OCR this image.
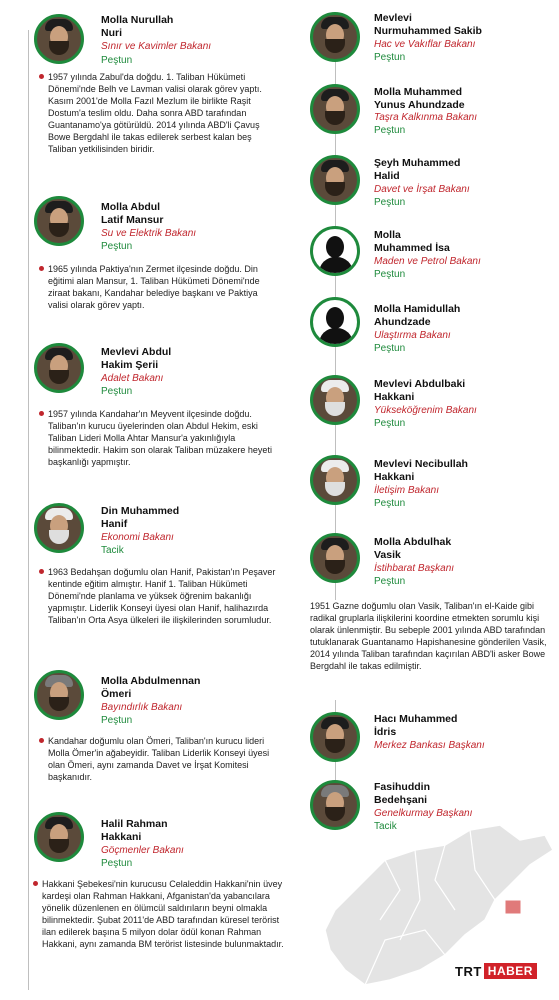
Molla Nurullah
Nuri
Sınır ve Kavimler Bakanı
Peştun
1957 yılında Zabul'da doğdu. 1. Taliban Hükümeti Dönemi'nde Belh ve Lavman valisi olarak görev yaptı. Kasım 2001'de Molla Fazıl Mezlum ile birlikte Raşit Dostum'a teslim oldu. Daha sonra ABD tarafından Guantanamo'ya götürüldü. 2014 yılında ABD'li Çavuş Bowe Bergdahl ile takas edilerek serbest kalan beş Taliban yetkilisinden biridir.
Molla Abdul
Latif Mansur
Su ve Elektrik Bakanı
Peştun
1965 yılında Paktiya'nın Zermet ilçesinde doğdu. Din eğitimi alan Mansur, 1. Taliban Hükümeti Dönemi'nde ziraat bakanı, Kandahar belediye başkanı ve Paktiya valisi olarak görev yaptı.
Mevlevi Abdul
Hakim Şerii
Adalet Bakanı
Peştun
1957 yılında Kandahar'ın Meyvent ilçesinde doğdu. Taliban'ın kurucu üyelerinden olan Abdul Hekim, eski Taliban Lideri Molla Ahtar Mansur'a yakınlığıyla bilinmektedir. Hakim son olarak Taliban müzakere heyeti başkanlığı yapmıştır.
Din Muhammed
Hanif
Ekonomi Bakanı
Tacik
1963 Bedahşan doğumlu olan Hanif, Pakistan'ın Peşaver kentinde eğitim almıştır. Hanif 1. Taliban Hükümeti Dönemi'nde planlama ve yüksek öğrenim bakanlığı yapmıştır. Liderlik Konseyi üyesi olan Hanif, halihazırda Taliban'ın Orta Asya ülkeleri ile ilişkilerinden sorumludur.
Molla Abdulmennan
Ömeri
Bayındırlık Bakanı
Peştun
Kandahar doğumlu olan Ömeri, Taliban'ın kurucu lideri Molla Ömer'in ağabeyidir. Taliban Liderlik Konseyi üyesi olan Ömeri, aynı zamanda Davet ve İrşat Komitesi başkanıdır.
Halil Rahman
Hakkani
Göçmenler Bakanı
Peştun
Hakkani Şebekesi'nin kurucusu Celaleddin Hakkani'nin üvey kardeşi olan Rahman Hakkani, Afganistan'da yabancılara yönelik düzenlenen en ölümcül saldırıların beyni olmakla bilinmektedir. Şubat 2011'de ABD tarafından küresel terörist ilan edilerek başına 5 milyon dolar ödül konan Rahman Hakkani, aynı zamanda BM terörist listesinde bulunmaktadır.
Mevlevi
Nurmuhammed Sakib
Hac ve Vakıflar Bakanı
Peştun
Molla Muhammed
Yunus Ahundzade
Taşra Kalkınma Bakanı
Peştun
Şeyh Muhammed
Halid
Davet ve İrşat Bakanı
Peştun
Molla
Muhammed İsa
Maden ve Petrol Bakanı
Peştun
Molla Hamidullah
Ahundzade
Ulaştırma Bakanı
Peştun
Mevlevi Abdulbaki
Hakkani
Yükseköğrenim Bakanı
Peştun
Mevlevi Necibullah
Hakkani
İletişim Bakanı
Peştun
Molla Abdulhak
Vasik
İstihbarat Başkanı
Peştun
1951 Gazne doğumlu olan Vasik, Taliban'ın el-Kaide gibi radikal gruplarla ilişkilerini koordine etmekten sorumlu kişi olarak ünlenmiştir. Bu sebeple 2001 yılında ABD tarafından tutuklanarak Guantanamo Hapishanesine gönderilen Vasik, 2014 yılında Taliban tarafından kaçırılan ABD'li asker Bowe Bergdahl ile takas edilmiştir.
Hacı Muhammed
İdris
Merkez Bankası Başkanı
Fasihuddin
Bedehşani
Genelkurmay Başkanı
Tacik
TRT HABER
